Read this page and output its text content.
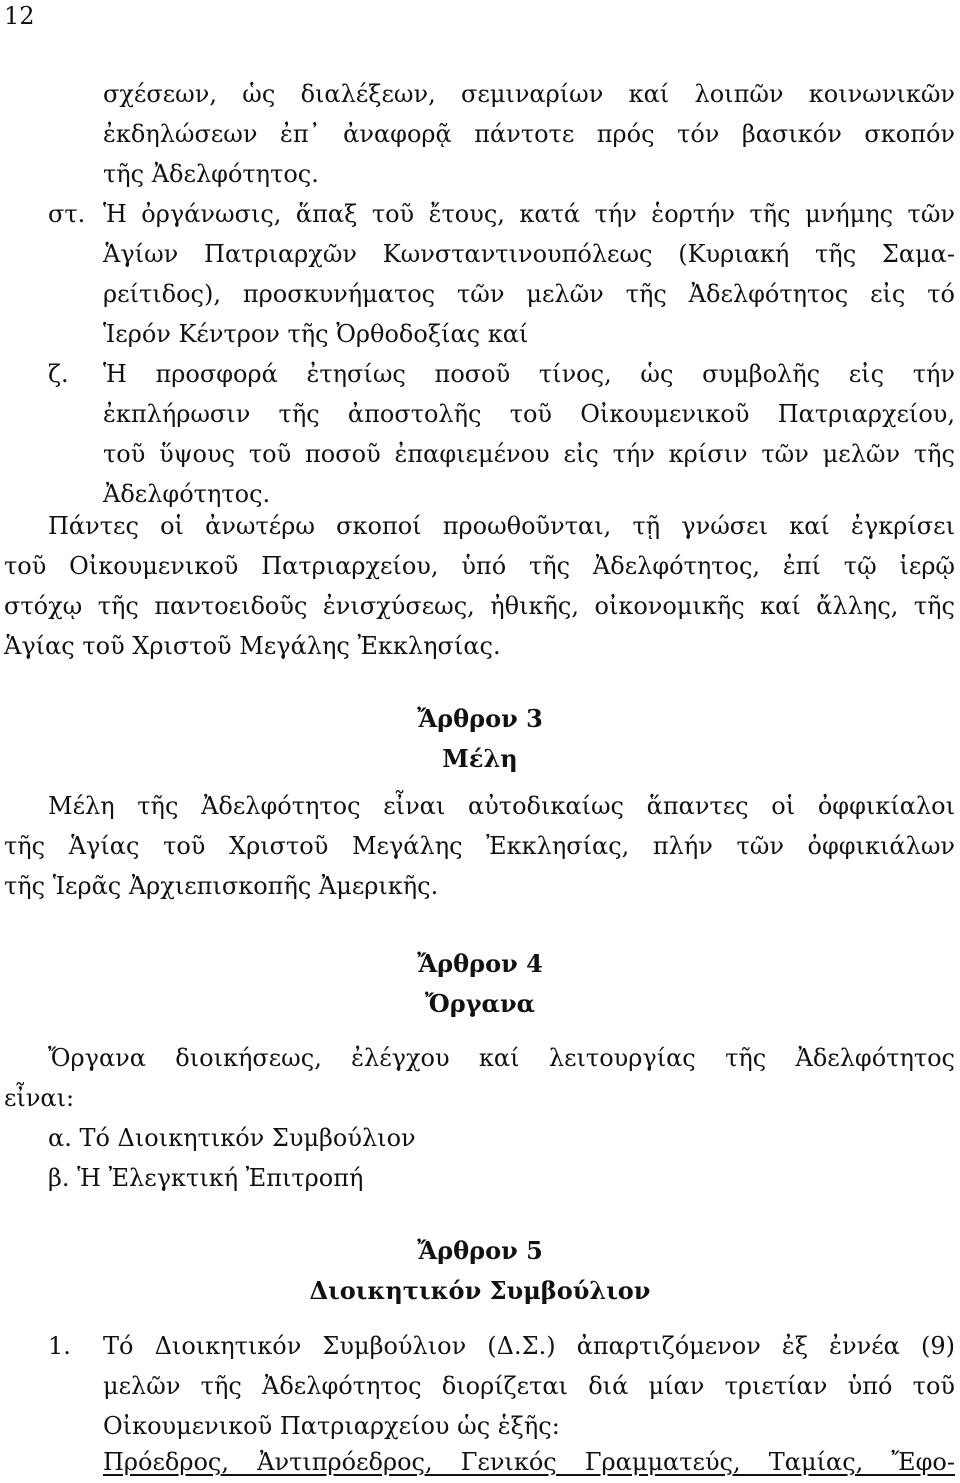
12
σχέσεων, ὡς διαλέξεων, σεμιναρίων καί λοιπῶν κοινωνικῶν
ἐκδηλώσεων ἐπ᾽ ἀναφορᾷ πάντοτε πρός τόν βασικόν σκοπόν
τῆς Ἀδελφότητος.
στ. Ἡ ὀργάνωσις, ἅπαξ τοῦ ἔτους, κατά τήν ἑορτήν τῆς μνήμης τῶν
Ἁγίων Πατριαρχῶν Κωνσταντινουπόλεως (Κυριακή τῆς Σαμα-
ρείτιδος), προσκυνήματος τῶν μελῶν τῆς Ἀδελφότητος εἰς τό
Ἱερόν Κέντρον τῆς Ὀρθοδοξίας καί
ζ. Ἡ προσφορά ἐτησίως ποσοῦ τίνος, ὡς συμβολῆς εἰς τήν
ἐκπλήρωσιν τῆς ἀποστολῆς τοῦ Οἰκουμενικοῦ Πατριαρχείου,
τοῦ ὕψους τοῦ ποσοῦ ἐπαφιεμένου εἰς τήν κρίσιν τῶν μελῶν τῆς
Ἀδελφότητος.
Πάντες οἱ ἀνωτέρω σκοποί προωθοῦνται, τῇ γνώσει καί ἐγκρίσει
τοῦ Οἰκουμενικοῦ Πατριαρχείου, ὑπό τῆς Ἀδελφότητος, ἐπί τῷ ἱερῷ
στόχῳ τῆς παντοειδοῦς ἐνισχύσεως, ἠθικῆς, οἰκονομικῆς καί ἄλλης, τῆς
Ἁγίας τοῦ Χριστοῦ Μεγάλης Ἐκκλησίας.
Ἄρθρον 3
Μέλη
Μέλη τῆς Ἀδελφότητος εἶναι αὐτοδικαίως ἅπαντες οἱ ὀφφικίαλοι
τῆς Ἁγίας τοῦ Χριστοῦ Μεγάλης Ἐκκλησίας, πλήν τῶν ὀφφικιάλων
τῆς Ἱερᾶς Ἀρχιεπισκοπῆς Ἀμερικῆς.
Ἄρθρον 4
Ὄργανα
Ὄργανα διοικήσεως, ἐλέγχου καί λειτουργίας τῆς Ἀδελφότητος
εἶναι:
α. Τό Διοικητικόν Συμβούλιον
β. Ἡ Ἐλεγκτική Ἐπιτροπή
Ἄρθρον 5
Διοικητικόν Συμβούλιον
1. Τό Διοικητικόν Συμβούλιον (Δ.Σ.) ἀπαρτιζόμενον ἐξ ἐννέα (9)
μελῶν τῆς Ἀδελφότητος διορίζεται διά μίαν τριετίαν ὑπό τοῦ
Οἰκουμενικοῦ Πατριαρχείου ὡς ἑξῆς:
Πρόεδρος, Ἀντιπρόεδρος, Γενικός Γραμματεύς, Ταμίας, Ἔφο-
